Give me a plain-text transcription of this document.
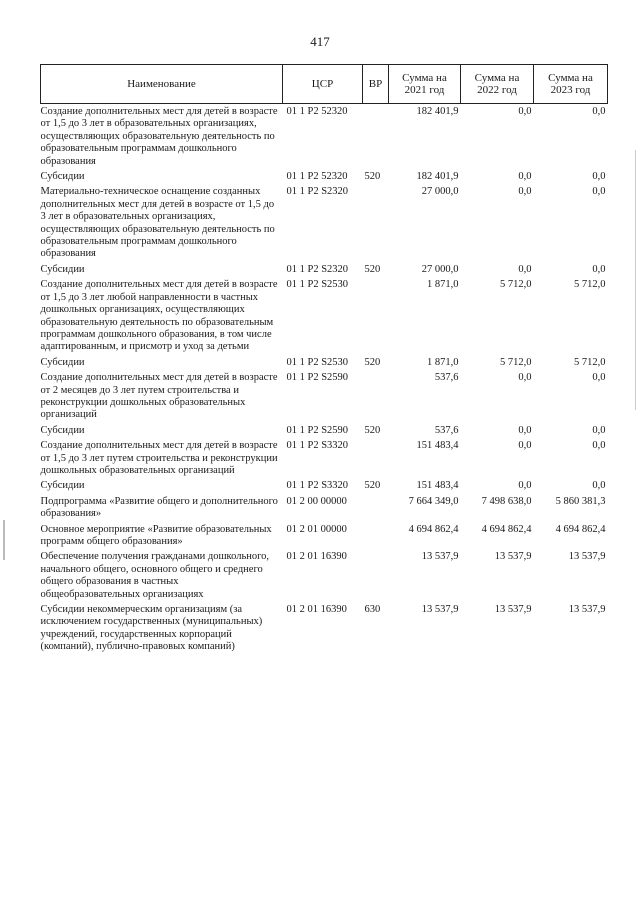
417
Наименование	ЦСР	ВР	Сумма на 2021 год	Сумма на 2022 год	Сумма на 2023 год
Создание дополнительных мест для детей в возрасте от 1,5 до 3 лет в образовательных организациях, осуществляющих образовательную деятельность по образовательным программам дошкольного образования	01 1 Р2 52320		182 401,9	0,0	0,0
Субсидии	01 1 Р2 52320	520	182 401,9	0,0	0,0
Материально-техническое оснащение созданных дополнительных мест для детей в возрасте от 1,5 до 3 лет в образовательных организациях, осуществляющих образовательную деятельность по образовательным программам дошкольного образования	01 1 Р2 S2320		27 000,0	0,0	0,0
Субсидии	01 1 Р2 S2320	520	27 000,0	0,0	0,0
Создание дополнительных мест для детей в возрасте от 1,5 до 3 лет любой направленности в частных дошкольных организациях, осуществляющих образовательную деятельность по образовательным программам дошкольного образования, в том числе адаптированным, и присмотр и уход за детьми	01 1 Р2 S2530		1 871,0	5 712,0	5 712,0
Субсидии	01 1 Р2 S2530	520	1 871,0	5 712,0	5 712,0
Создание дополнительных мест для детей в возрасте от 2 месяцев до 3 лет путем строительства и реконструкции дошкольных образовательных организаций	01 1 Р2 S2590		537,6	0,0	0,0
Субсидии	01 1 Р2 S2590	520	537,6	0,0	0,0
Создание дополнительных мест для детей в возрасте от 1,5 до 3 лет путем строительства и реконструкции дошкольных образовательных организаций	01 1 Р2 S3320		151 483,4	0,0	0,0
Субсидии	01 1 Р2 S3320	520	151 483,4	0,0	0,0
Подпрограмма «Развитие общего и дополнительного образования»	01 2 00 00000		7 664 349,0	7 498 638,0	5 860 381,3
Основное мероприятие «Развитие образовательных программ общего образования»	01 2 01 00000		4 694 862,4	4 694 862,4	4 694 862,4
Обеспечение получения гражданами дошкольного, начального общего, основного общего и среднего общего образования в частных общеобразовательных организациях	01 2 01 16390		13 537,9	13 537,9	13 537,9
Субсидии некоммерческим организациям (за исключением государственных (муниципальных) учреждений, государственных корпораций (компаний), публично-правовых компаний)	01 2 01 16390	630	13 537,9	13 537,9	13 537,9
